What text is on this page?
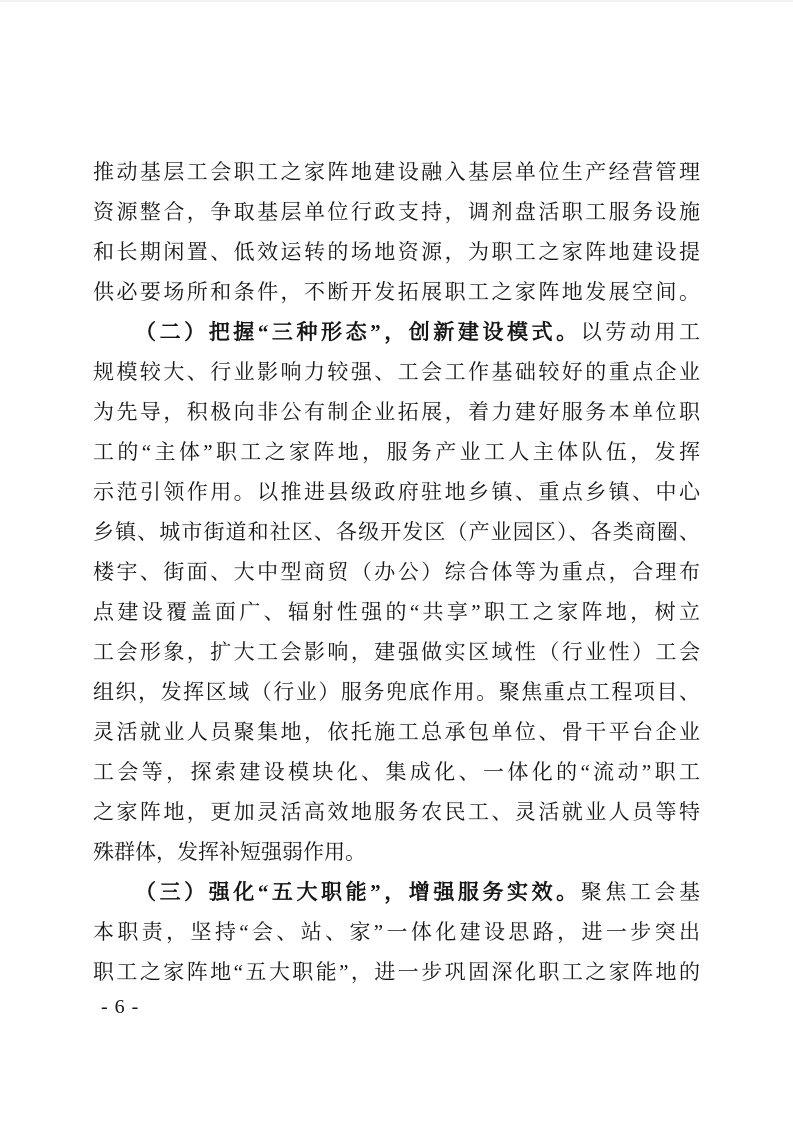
推动基层工会职工之家阵地建设融入基层单位生产经营管理
资源整合，争取基层单位行政支持，调剂盘活职工服务设施
和长期闲置、低效运转的场地资源，为职工之家阵地建设提
供必要场所和条件，不断开发拓展职工之家阵地发展空间。
（二）把握“三种形态”，创新建设模式。以劳动用工
规模较大、行业影响力较强、工会工作基础较好的重点企业
为先导，积极向非公有制企业拓展，着力建好服务本单位职
工的“主体”职工之家阵地，服务产业工人主体队伍，发挥
示范引领作用。以推进县级政府驻地乡镇、重点乡镇、中心
乡镇、城市街道和社区、各级开发区（产业园区）、各类商圈、
楼宇、街面、大中型商贸（办公）综合体等为重点，合理布
点建设覆盖面广、辐射性强的“共享”职工之家阵地，树立
工会形象，扩大工会影响，建强做实区域性（行业性）工会
组织，发挥区域（行业）服务兜底作用。聚焦重点工程项目、
灵活就业人员聚集地，依托施工总承包单位、骨干平台企业
工会等，探索建设模块化、集成化、一体化的“流动”职工
之家阵地，更加灵活高效地服务农民工、灵活就业人员等特
殊群体，发挥补短强弱作用。
（三）强化“五大职能”，增强服务实效。聚焦工会基
本职责，坚持“会、站、家”一体化建设思路，进一步突出
职工之家阵地“五大职能”，进一步巩固深化职工之家阵地的
- 6 -
